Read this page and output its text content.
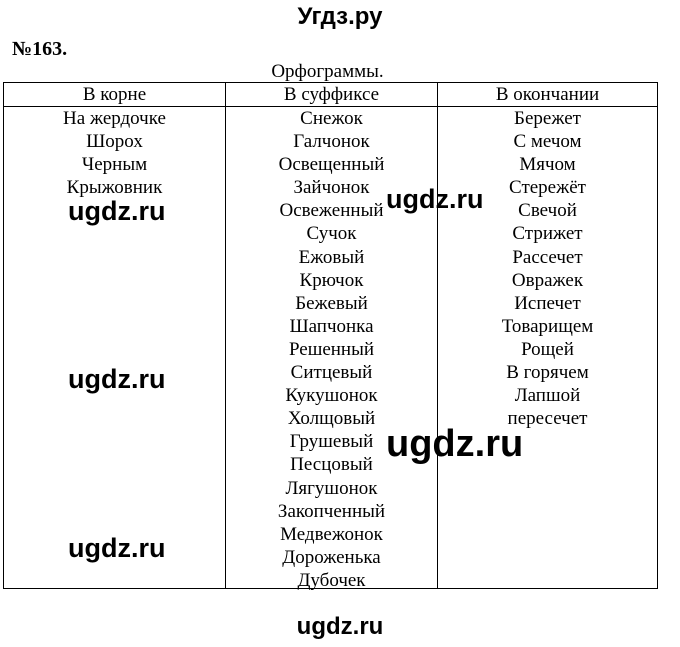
Угдз.ру
№163.
Орфограммы.
В корне
На жердочке
Шорох
Черным
Крыжовник
В суффиксе
Снежок
Галчонок
Освещенный
Зайчонок
Освеженный
Сучок
Ежовый
Крючок
Бежевый
Шапчонка
Решенный
Ситцевый
Кукушонок
Холщовый
Грушевый
Песцовый
Лягушонок
Закопченный
Медвежонок
Дороженька
Дубочек
В окончании
Бережет
С мечом
Мячом
Стережёт
Свечой
Стрижет
Рассечет
Овражек
Испечет
Товарищем
Рощей
В горячем
Лапшой
пересечет
ugdz.ru	ugdz.ru
ugdz.ru
ugdz.ru
ugdz.ru
ugdz.ru
